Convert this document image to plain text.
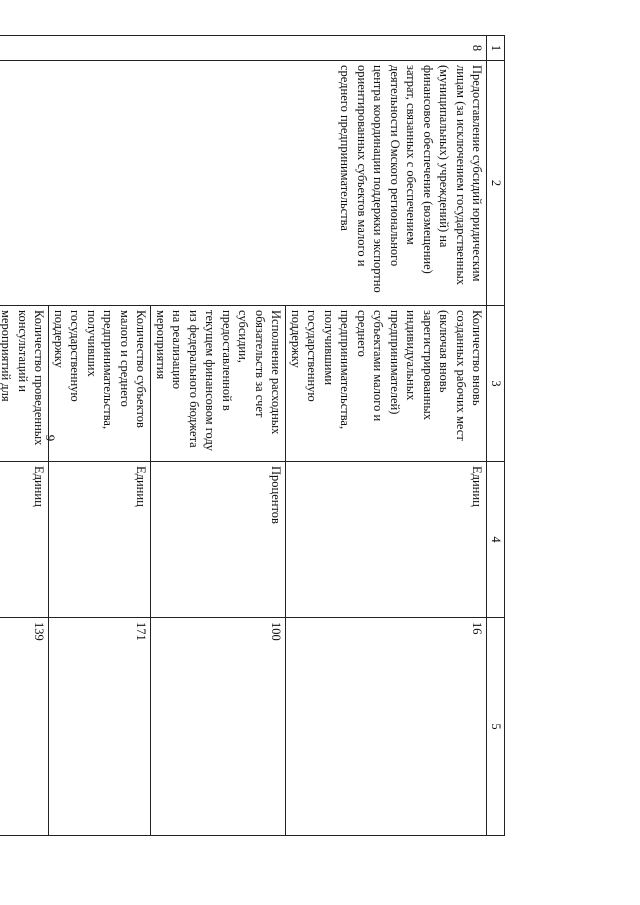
9
1	2	3	4	5
8	Предоставление субсидий юридическим лицам (за исключением государственных (муниципальных) учреждений) на финансовое обеспечение (возмещение) затрат, связанных с обеспечением деятельности Омского регионального центра координации поддержки экспортно ориентированных субъектов малого и среднего предпринимательства	Количество вновь созданных рабочих мест (включая вновь зарегистрированных индивидуальных предпринимателей) субъектами малого и среднего предпринимательства, получившими государственную поддержку	Единиц	16
		Исполнение расходных обязательств за счет субсидии, предоставленной в текущем финансовом году из федерального бюджета на реализацию мероприятия	Процентов	100
		Количество субъектов малого и среднего предпринимательства, получивших государственную поддержку	Единиц	171
		Количество проведенных консультаций и мероприятий для	Единиц	139
